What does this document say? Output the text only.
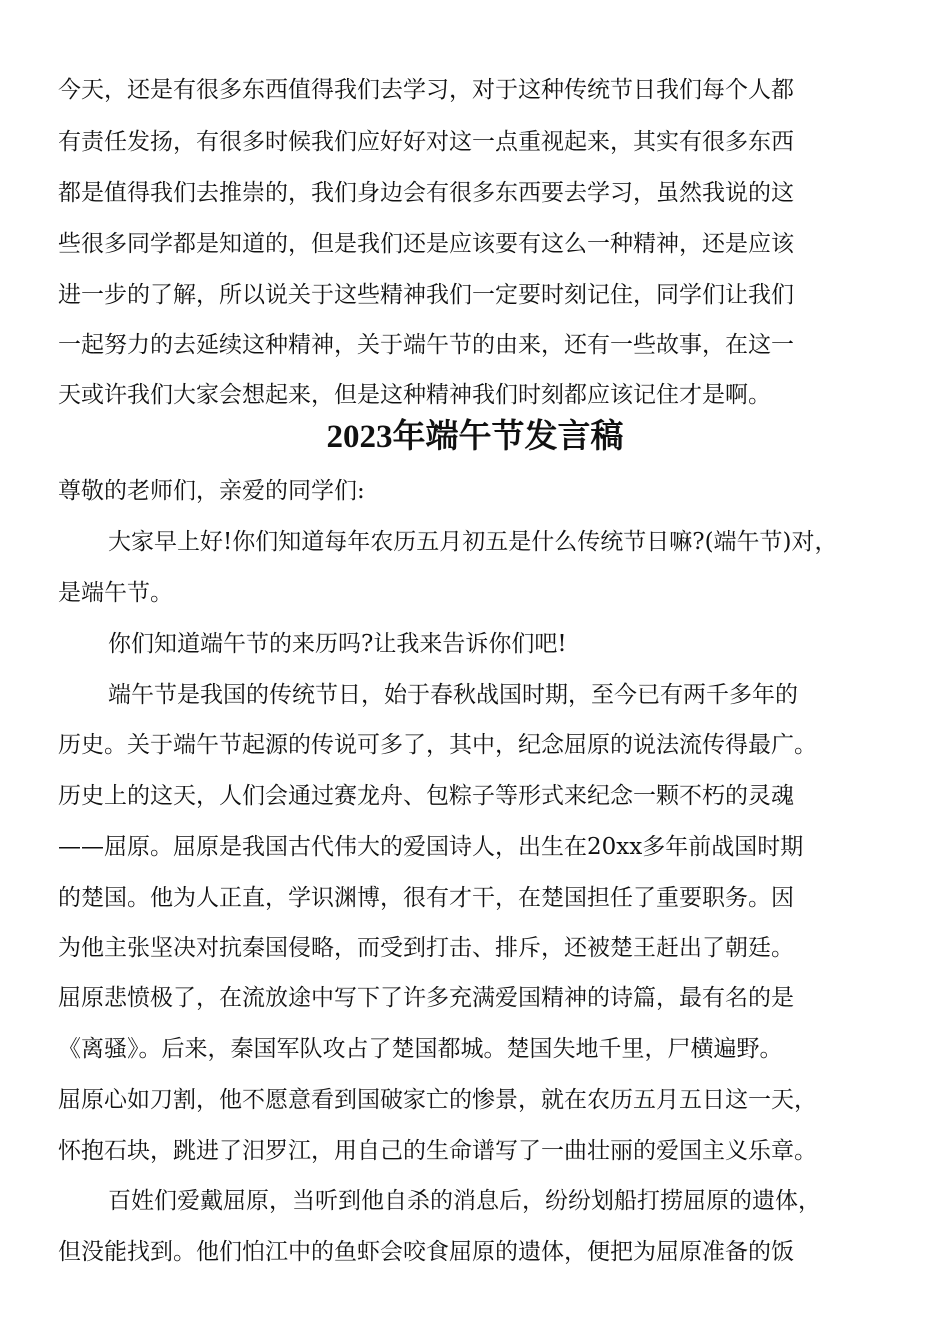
今天，还是有很多东西值得我们去学习，对于这种传统节日我们每个人都
有责任发扬，有很多时候我们应好好对这一点重视起来，其实有很多东西
都是值得我们去推崇的，我们身边会有很多东西要去学习，虽然我说的这
些很多同学都是知道的，但是我们还是应该要有这么一种精神，还是应该
进一步的了解，所以说关于这些精神我们一定要时刻记住，同学们让我们
一起努力的去延续这种精神，关于端午节的由来，还有一些故事，在这一
天或许我们大家会想起来，但是这种精神我们时刻都应该记住才是啊。
2023年端午节发言稿
尊敬的老师们，亲爱的同学们:
大家早上好!你们知道每年农历五月初五是什么传统节日嘛?(端午节)对，
是端午节。
你们知道端午节的来历吗?让我来告诉你们吧!
端午节是我国的传统节日，始于春秋战国时期，至今已有两千多年的
历史。关于端午节起源的传说可多了，其中，纪念屈原的说法流传得最广。
历史上的这天，人们会通过赛龙舟、包粽子等形式来纪念一颗不朽的灵魂
——屈原。屈原是我国古代伟大的爱国诗人，出生在20xx多年前战国时期
的楚国。他为人正直，学识渊博，很有才干，在楚国担任了重要职务。因
为他主张坚决对抗秦国侵略，而受到打击、排斥，还被楚王赶出了朝廷。
屈原悲愤极了，在流放途中写下了许多充满爱国精神的诗篇，最有名的是
《离骚》。后来，秦国军队攻占了楚国都城。楚国失地千里，尸横遍野。
屈原心如刀割，他不愿意看到国破家亡的惨景，就在农历五月五日这一天，
怀抱石块，跳进了汨罗江，用自己的生命谱写了一曲壮丽的爱国主义乐章。
百姓们爱戴屈原，当听到他自杀的消息后，纷纷划船打捞屈原的遗体，
但没能找到。他们怕江中的鱼虾会咬食屈原的遗体，便把为屈原准备的饭
